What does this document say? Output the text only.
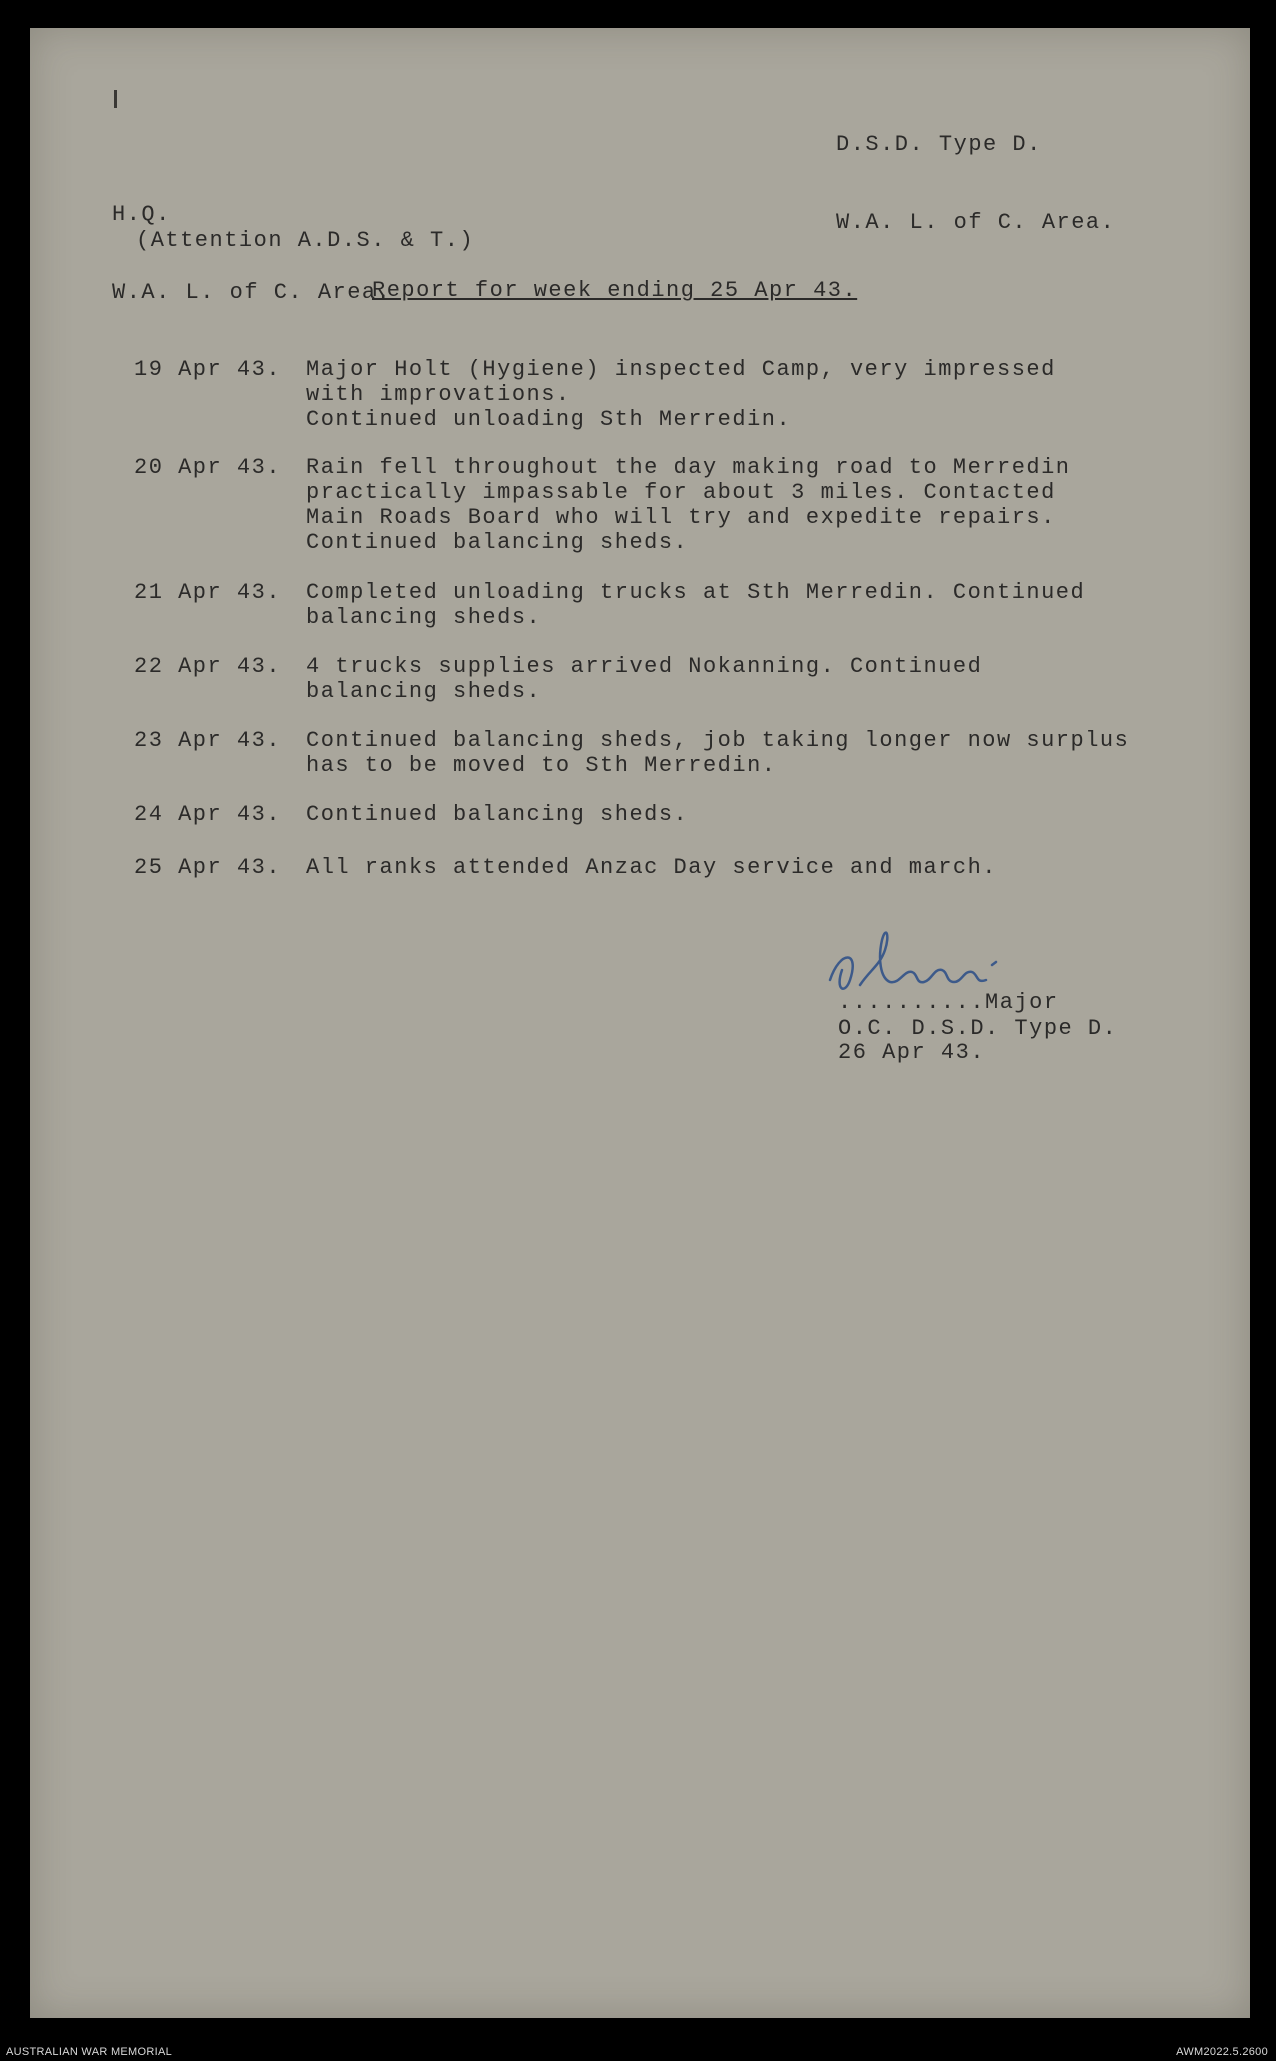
D.S.D. Type D.

W.A. L. of C. Area.

H.Q.

W.A. L. of C. Area.

(Attention A.D.S. & T.)
Report for week ending 25 Apr 43.
19 Apr 43. Major Holt (Hygiene) inspected Camp, very impressed
with improvations.
Continued unloading Sth Merredin.
20 Apr 43. Rain fell throughout the day making road to Merredin
practically impassable for about 3 miles. Contacted
Main Roads Board who will try and expedite repairs.
Continued balancing sheds.
21 Apr 43. Completed unloading trucks at Sth Merredin. Continued
balancing sheds.
22 Apr 43. 4 trucks supplies arrived Nokanning. Continued
balancing sheds.
23 Apr 43. Continued balancing sheds, job taking longer now surplus
has to be moved to Sth Merredin.
24 Apr 43. Continued balancing sheds.
25 Apr 43. All ranks attended Anzac Day service and march.
..........Major
O.C. D.S.D. Type D.
26 Apr 43.
AUSTRALIAN WAR MEMORIAL	AWM2022.5.2600
